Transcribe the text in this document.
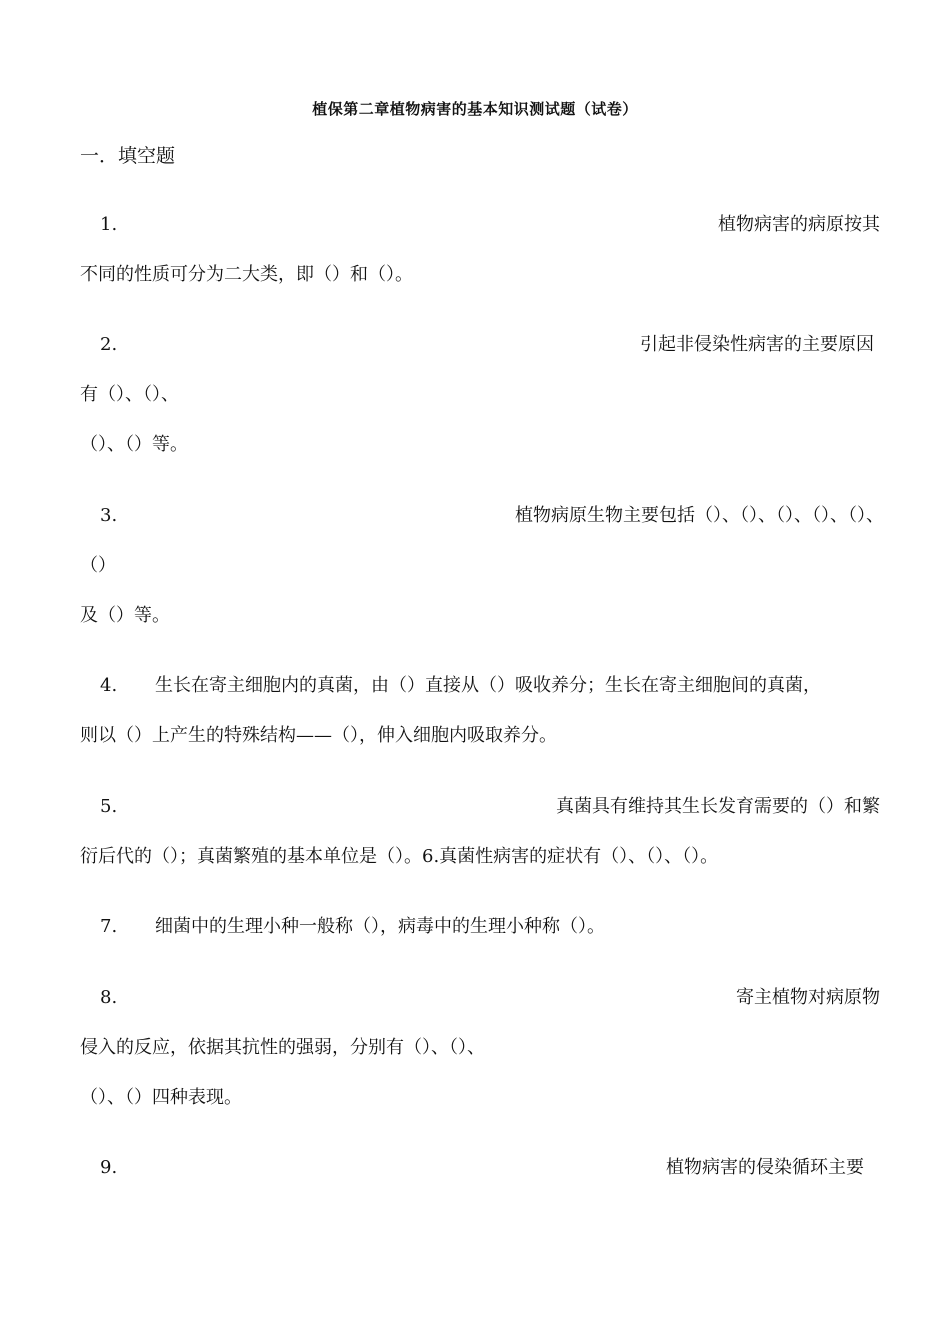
植保第二章植物病害的基本知识测试题（试卷）
一．填空题
1.	植物病害的病原按其
不同的性质可分为二大类，即（）和（）。
2.	引起非侵染性病害的主要原因
有（）、（）、
（）、（）等。
3.	植物病原生物主要包括（）、（）、（）、（）、（）、
（）
及（）等。
4. 生长在寄主细胞内的真菌，由（）直接从（）吸收养分；生长在寄主细胞间的真菌，
则以（）上产生的特殊结构——（），伸入细胞内吸取养分。
5.	真菌具有维持其生长发育需要的（）和繁
衍后代的（）；真菌繁殖的基本单位是（）。6.真菌性病害的症状有（）、（）、（）。
7. 细菌中的生理小种一般称（），病毒中的生理小种称（）。
8.	寄主植物对病原物
侵入的反应，依据其抗性的强弱，分别有（）、（）、
（）、（）四种表现。
9.	植物病害的侵染循环主要
